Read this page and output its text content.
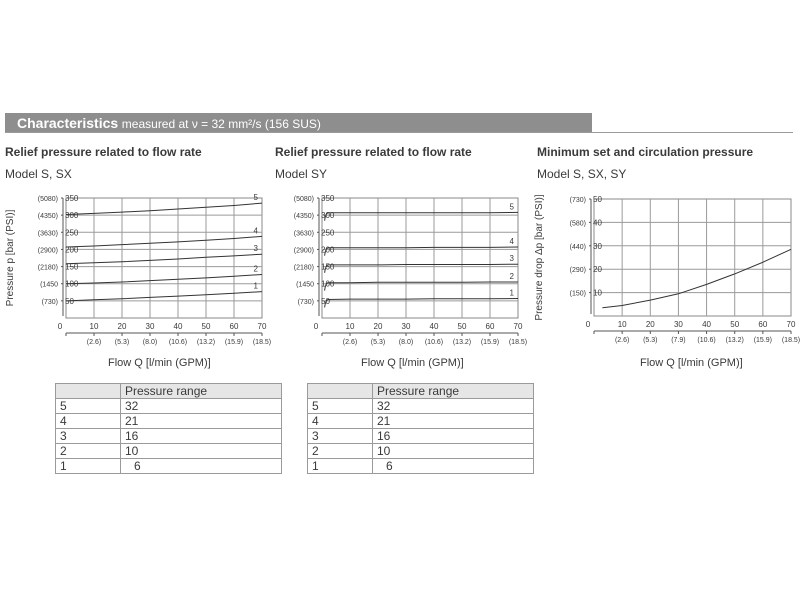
Characteristics measured at ν = 32 mm²/s (156 SUS)
Relief pressure related to flow rate
Model S, SX
Relief pressure related to flow rate
Model SY
Minimum set and circulation pressure
Model S, SX, SY
0	10 20 30 40 50 60 70
(2.6) (5.3) (8.0) (10.6) (13.2) (15.9) (18.5)
50
(730)
100
(1450
150
(2180)
200
(2900)
250
(3630)
300
(4350)
350
(5080)
Pressure p [bar (PSI)]
5
4
3
2
1
0	10 20 30 40 50 60 70
(2.6) (5.3) (8.0) (10.6) (13.2) (15.9) (18.5)
50
(730)
100
(1450
150
(2180)
200
(2900)
250
(3630)
300
(4350)
350
(5080)
5
4
3
2
1
0	10 20 30 40 50 60 70
(2.6) (5.3) (7.9) (10.6) (13.2) (15.9) (18.5)
10
(150)
20
(290)
30
(440)
40
(580)
50
(730)
Pressure drop Δp [bar (PSI)]
Flow Q [l/min (GPM)]	Flow Q [l/min (GPM)]	Flow Q [l/min (GPM)]
	Pressure range
5	32
4	21
3	16
2	10
1	6
	Pressure range
5	32
4	21
3	16
2	10
1	6
